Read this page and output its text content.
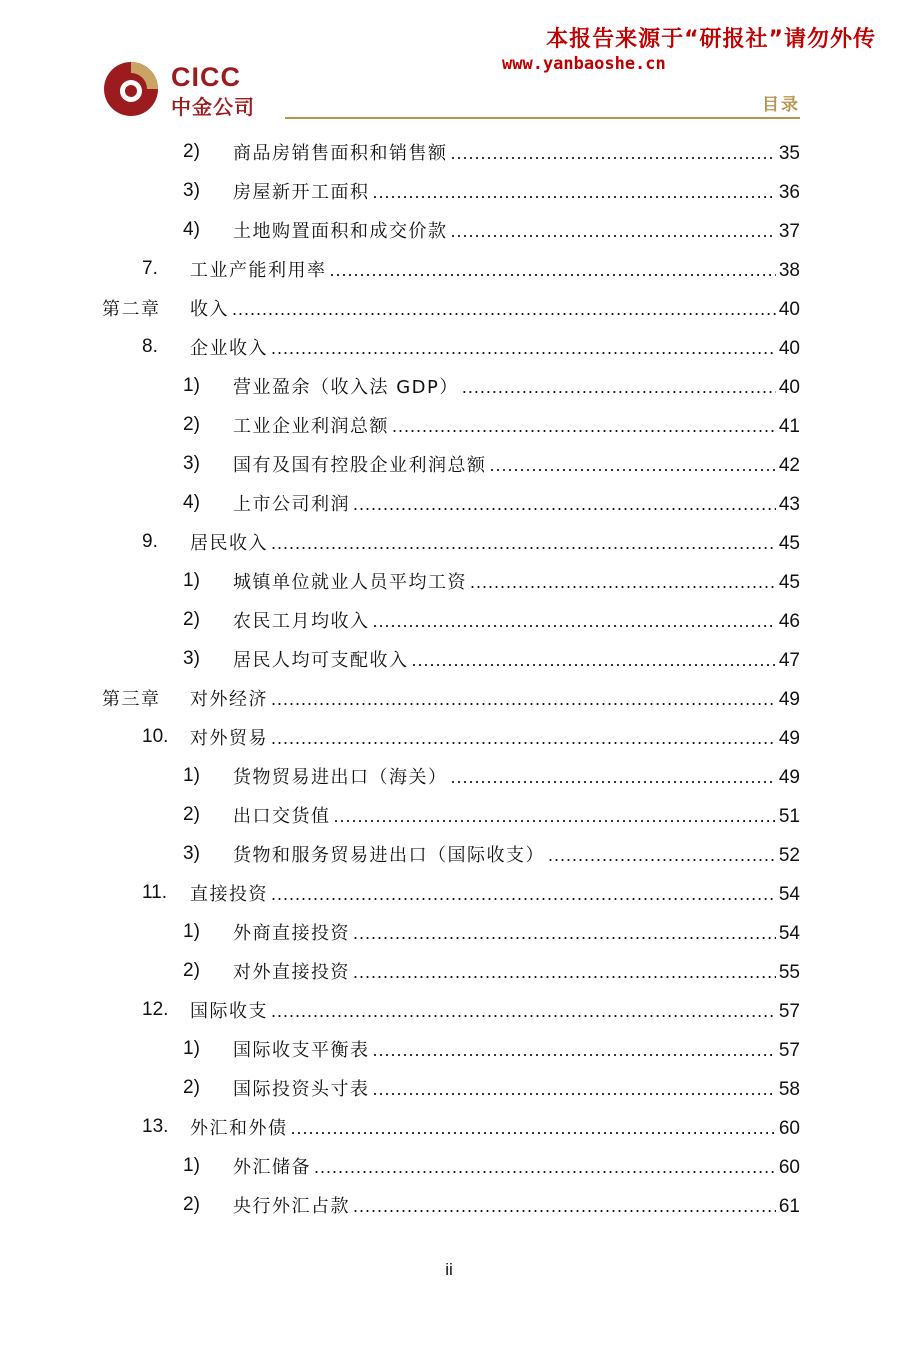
本报告来源于“研报社”请勿外传
www.yanbaoshe.cn
CICC
中金公司	目录
2) 商品房销售面积和销售额 .....	35
3) 房屋新开工面积 .....	36
4) 土地购置面积和成交价款 .....	37
7. 工业产能利用率 .....	38
第二章 收入 .....	40
8. 企业收入 .....	40
1) 营业盈余（收入法 GDP） .....	40
2) 工业企业利润总额 .....	41
3) 国有及国有控股企业利润总额 .....	42
4) 上市公司利润 .....	43
9. 居民收入 .....	45
1) 城镇单位就业人员平均工资 .....	45
2) 农民工月均收入 .....	46
3) 居民人均可支配收入 .....	47
第三章 对外经济 .....	49
10. 对外贸易 .....	49
1) 货物贸易进出口（海关） .....	49
2) 出口交货值 .....	51
3) 货物和服务贸易进出口（国际收支） .....	52
11. 直接投资 .....	54
1) 外商直接投资 .....	54
2) 对外直接投资 .....	55
12. 国际收支 .....	57
1) 国际收支平衡表 .....	57
2) 国际投资头寸表 .....	58
13. 外汇和外债 .....	60
1) 外汇储备 .....	60
2) 央行外汇占款 .....	61
ii
